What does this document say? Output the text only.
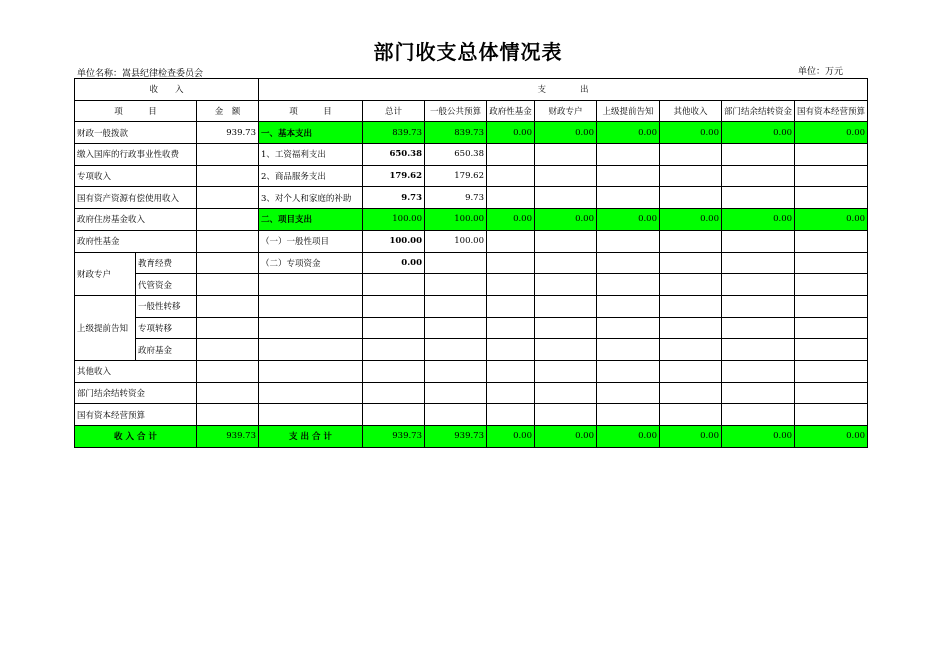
部门收支总体情况表
单位名称：嵩县纪律检查委员会	单位：万元
收　　入			支　　　　出								
项　　　目		金　额	项　　　目	总计	一般公共预算	政府性基金	财政专户	上级提前告知	其他收入	部门结余结转资金	国有资本经营预算
财政一般拨款		939.73	一、基本支出	839.73	839.73	0.00	0.00	0.00	0.00	0.00	0.00
缴入国库的行政事业性收费			1、工资福利支出	650.38	650.38						
专项收入			2、商品服务支出	179.62	179.62						
国有资产资源有偿使用收入			3、对个人和家庭的补助	9.73	9.73						
政府住房基金收入			二、项目支出	100.00	100.00	0.00	0.00	0.00	0.00	0.00	0.00
政府性基金			（一）一般性项目	100.00	100.00						
财政专户	教育经费		（二）专项资金	0.00							
	代管资金										
上级提前告知	一般性转移										
	专项转移										
	政府基金										
其他收入											
部门结余结转资金											
国有资本经营预算											
收 入 合 计		939.73	支 出 合 计	939.73	939.73	0.00	0.00	0.00	0.00	0.00	0.00
